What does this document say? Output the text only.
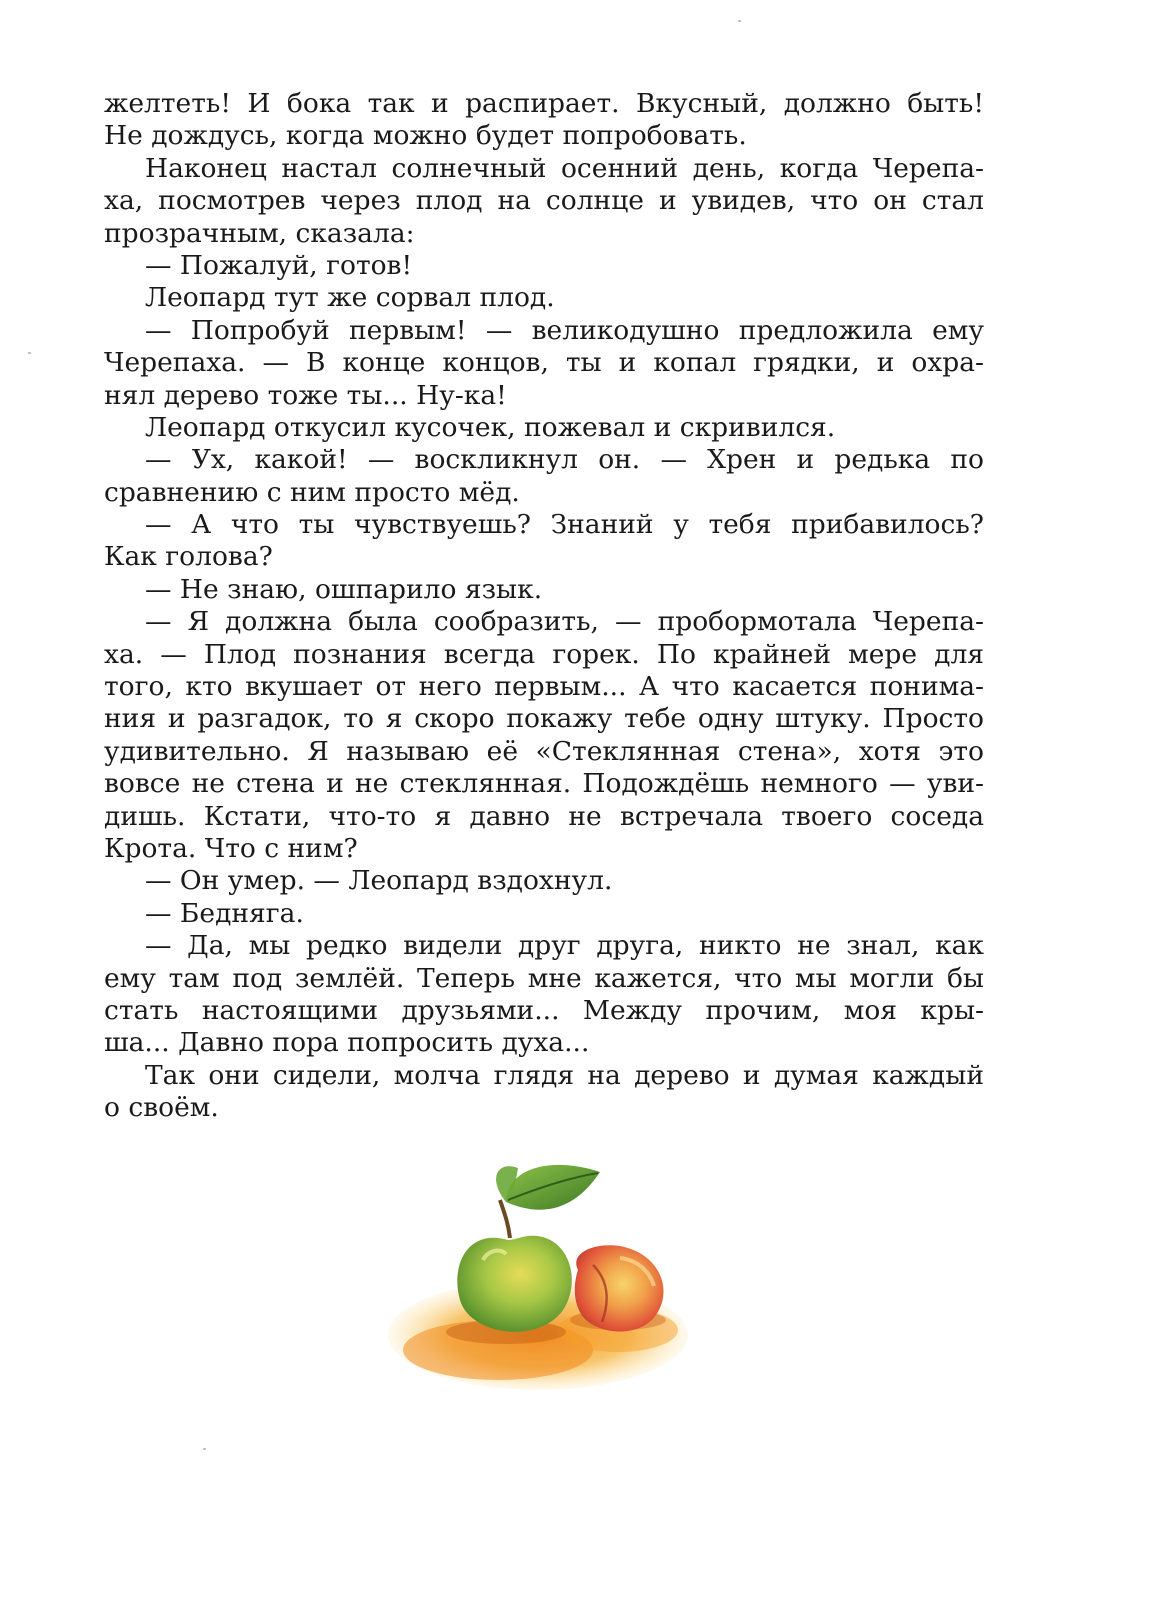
желтеть! И бока так и распирает. Вкусный, должно быть!
Не дождусь, когда можно будет попробовать.
Наконец настал солнечный осенний день, когда Черепа-
ха, посмотрев через плод на солнце и увидев, что он стал
прозрачным, сказала:
— Пожалуй, готов!
Леопард тут же сорвал плод.
— Попробуй первым! — великодушно предложила ему
Черепаха. — В конце концов, ты и копал грядки, и охра-
нял дерево тоже ты... Ну-ка!
Леопард откусил кусочек, пожевал и скривился.
— Ух, какой! — воскликнул он. — Хрен и редька по
сравнению с ним просто мёд.
— А что ты чувствуешь? Знаний у тебя прибавилось?
Как голова?
— Не знаю, ошпарило язык.
— Я должна была сообразить, — пробормотала Черепа-
ха. — Плод познания всегда горек. По крайней мере для
того, кто вкушает от него первым... А что касается понима-
ния и разгадок, то я скоро покажу тебе одну штуку. Просто
удивительно. Я называю её «Стеклянная стена», хотя это
вовсе не стена и не стеклянная. Подождёшь немного — уви-
дишь. Кстати, что-то я давно не встречала твоего соседа
Крота. Что с ним?
— Он умер. — Леопард вздохнул.
— Бедняга.
— Да, мы редко видели друг друга, никто не знал, как
ему там под землёй. Теперь мне кажется, что мы могли бы
стать настоящими друзьями... Между прочим, моя кры-
ша... Давно пора попросить духа...
Так они сидели, молча глядя на дерево и думая каждый
о своём.
